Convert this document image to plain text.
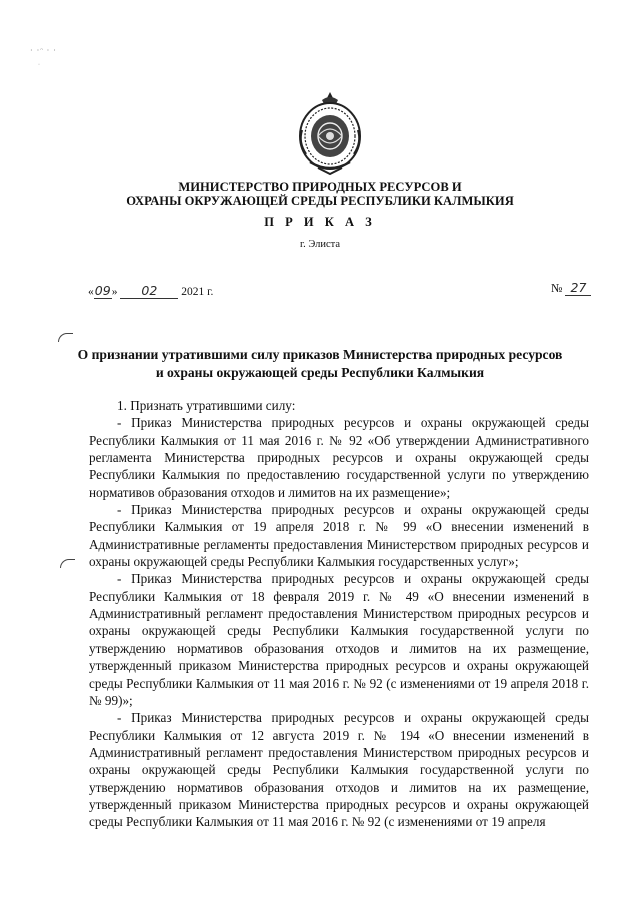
· ·ᵔ · ·
·
МИНИСТЕРСТВО ПРИРОДНЫХ РЕСУРСОВ И
ОХРАНЫ ОКРУЖАЮЩЕЙ СРЕДЫ РЕСПУБЛИКИ КАЛМЫКИЯ
П Р И К А З
г. Элиста
«09» 02 2021 г.	№ 27
О признании утратившими силу приказов Министерства природных ресурсов
и охраны окружающей среды Республики Калмыкия

1. Признать утратившими силу:

- Приказ Министерства природных ресурсов и охраны окружающей среды Республики Калмыкия от 11 мая 2016 г. № 92 «Об утверждении Административного регламента Министерства природных ресурсов и охраны окружающей среды Республики Калмыкия по предоставлению государственной услуги по утверждению нормативов образования отходов и лимитов на их размещение»;

- Приказ Министерства природных ресурсов и охраны окружающей среды Республики Калмыкия от 19 апреля 2018 г. № 99 «О внесении изменений в Административные регламенты предоставления Министерством природных ресурсов и охраны окружающей среды Республики Калмыкия государственных услуг»;

- Приказ Министерства природных ресурсов и охраны окружающей среды Республики Калмыкия от 18 февраля 2019 г. № 49 «О внесении изменений в Административный регламент предоставления Министерством природных ресурсов и охраны окружающей среды Республики Калмыкия государственной услуги по утверждению нормативов образования отходов и лимитов на их размещение, утвержденный приказом Министерства природных ресурсов и охраны окружающей среды Республики Калмыкия от 11 мая 2016 г. № 92 (с изменениями от 19 апреля 2018 г. № 99)»;

- Приказ Министерства природных ресурсов и охраны окружающей среды Республики Калмыкия от 12 августа 2019 г. № 194 «О внесении изменений в Административный регламент предоставления Министерством природных ресурсов и охраны окружающей среды Республики Калмыкия государственной услуги по утверждению нормативов образования отходов и лимитов на их размещение, утвержденный приказом Министерства природных ресурсов и охраны окружающей среды Республики Калмыкия от 11 мая 2016 г. № 92 (с изменениями от 19 апреля
